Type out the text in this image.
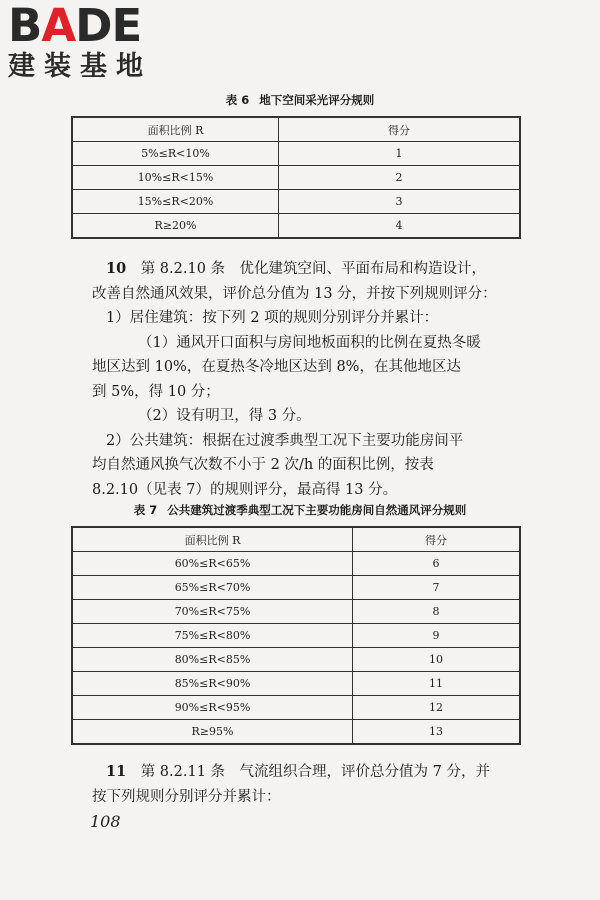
BADE
建装基地
表 6 地下空间采光评分规则
面积比例 R	得分
5%≤R<10%	1
10%≤R<15%	2
15%≤R<20%	3
R≥20%	4

10　 第 8.2.10 条　优化建筑空间、平面布局和构造设计，

改善自然通风效果，评价总分值为 13 分，并按下列规则评分：

1）居住建筑：按下列 2 项的规则分别评分并累计：

（1）通风开口面积与房间地板面积的比例在夏热冬暖

地区达到 10%，在夏热冬冷地区达到 8%，在其他地区达

到 5%，得 10 分；

（2）设有明卫，得 3 分。

2）公共建筑：根据在过渡季典型工况下主要功能房间平

均自然通风换气次数不小于 2 次/h 的面积比例，按表

8.2.10（见表 7）的规则评分，最高得 13 分。

表 7 公共建筑过渡季典型工况下主要功能房间自然通风评分规则
面积比例 R	得分
60%≤R<65%	6
65%≤R<70%	7
70%≤R<75%	8
75%≤R<80%	9
80%≤R<85%	10
85%≤R<90%	11
90%≤R<95%	12
R≥95%	13

11　 第 8.2.11 条　气流组织合理，评价总分值为 7 分，并

按下列规则分别评分并累计：

108
